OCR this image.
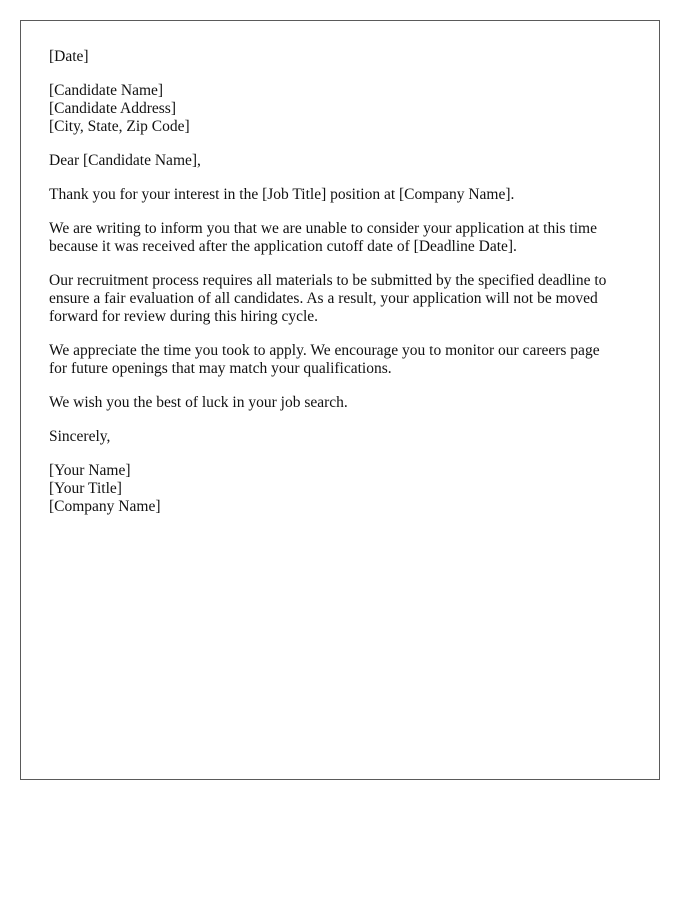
[Date]
[Candidate Name]
[Candidate Address]
[City, State, Zip Code]
Dear [Candidate Name],
Thank you for your interest in the [Job Title] position at [Company Name].
We are writing to inform you that we are unable to consider your application at this time
because it was received after the application cutoff date of [Deadline Date].
Our recruitment process requires all materials to be submitted by the specified deadline to
ensure a fair evaluation of all candidates. As a result, your application will not be moved
forward for review during this hiring cycle.
We appreciate the time you took to apply. We encourage you to monitor our careers page
for future openings that may match your qualifications.
We wish you the best of luck in your job search.
Sincerely,
[Your Name]
[Your Title]
[Company Name]
